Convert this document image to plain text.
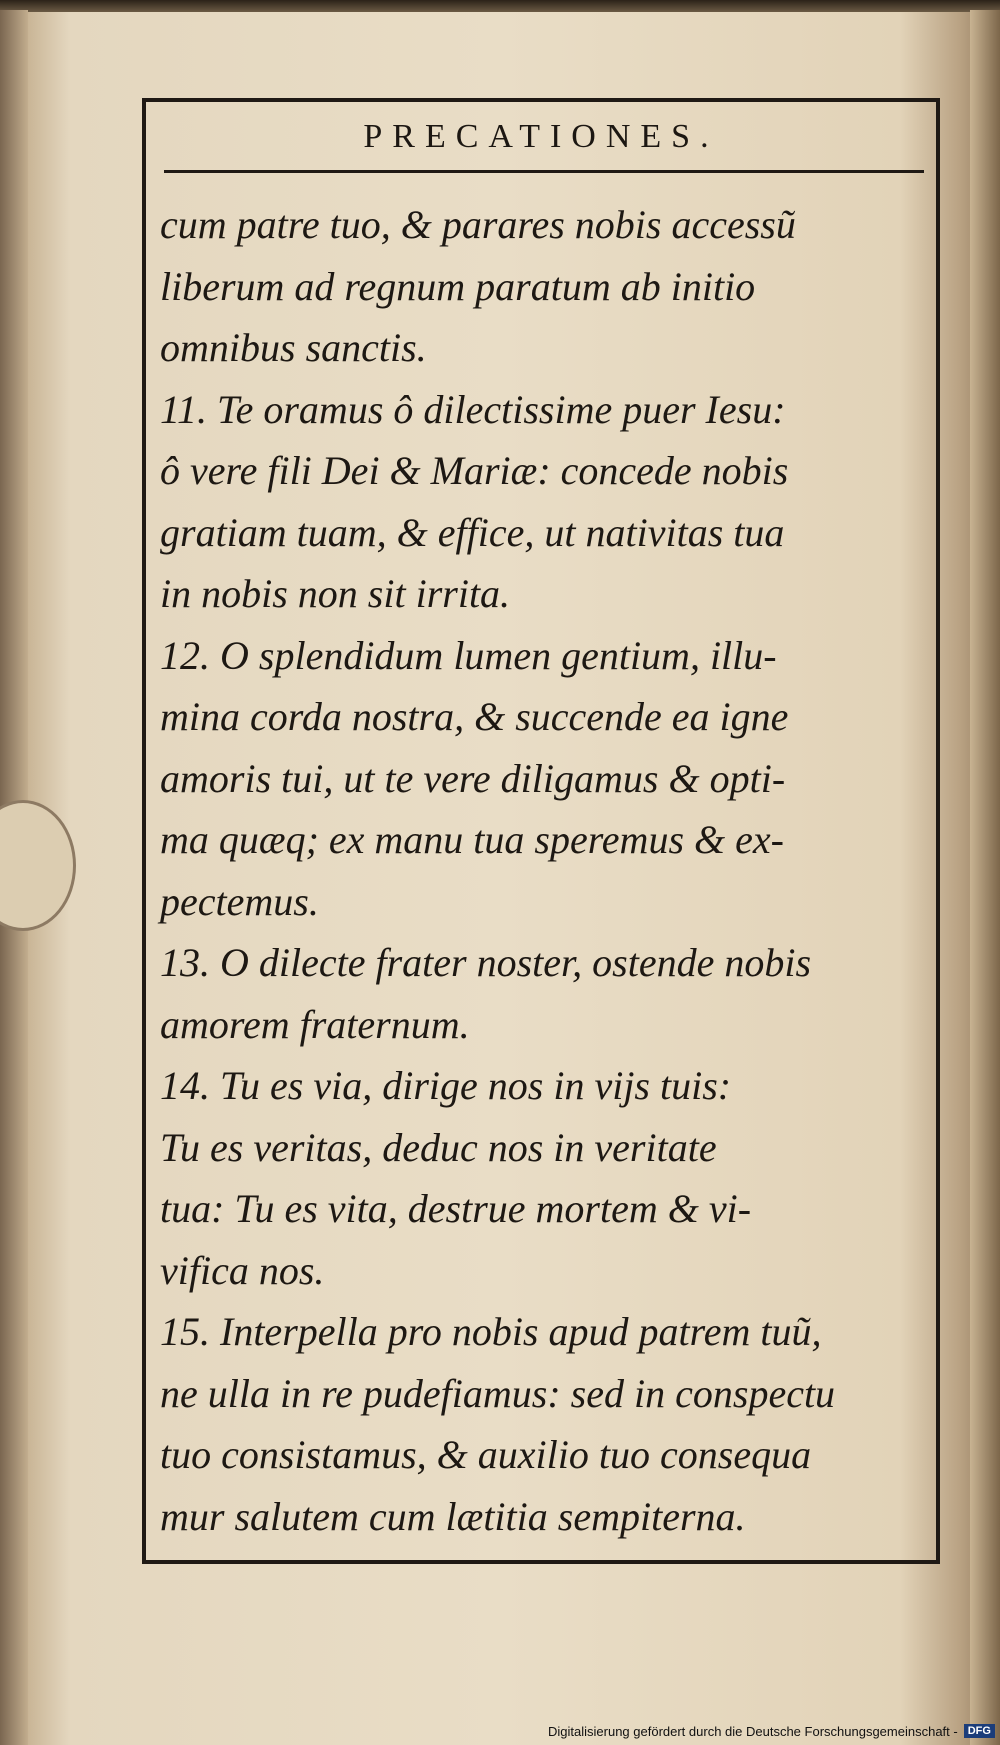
PRECATIONES.
cum patre tuo, & parares nobis accessũ
liberum ad regnum paratum ab initio
omnibus sanctis.
11. Te oramus ô dilectissime puer Iesu:
ô vere fili Dei & Mariæ: concede nobis
gratiam tuam, & effice, ut nativitas tua
in nobis non sit irrita.
12. O splendidum lumen gentium, illu-
mina corda nostra, & succende ea igne
amoris tui, ut te vere diligamus & opti-
ma quæq; ex manu tua speremus & ex-
pectemus.
13. O dilecte frater noster, ostende nobis
amorem fraternum.
14. Tu es via, dirige nos in vijs tuis:
Tu es veritas, deduc nos in veritate
tua: Tu es vita, destrue mortem & vi-
vifica nos.
15. Interpella pro nobis apud patrem tuũ,
ne ulla in re pudefiamus: sed in conspectu
tuo consistamus, & auxilio tuo consequa
mur salutem cum lætitia sempiterna.
Digitalisierung gefördert durch die Deutsche Forschungsgemeinschaft - DFG
